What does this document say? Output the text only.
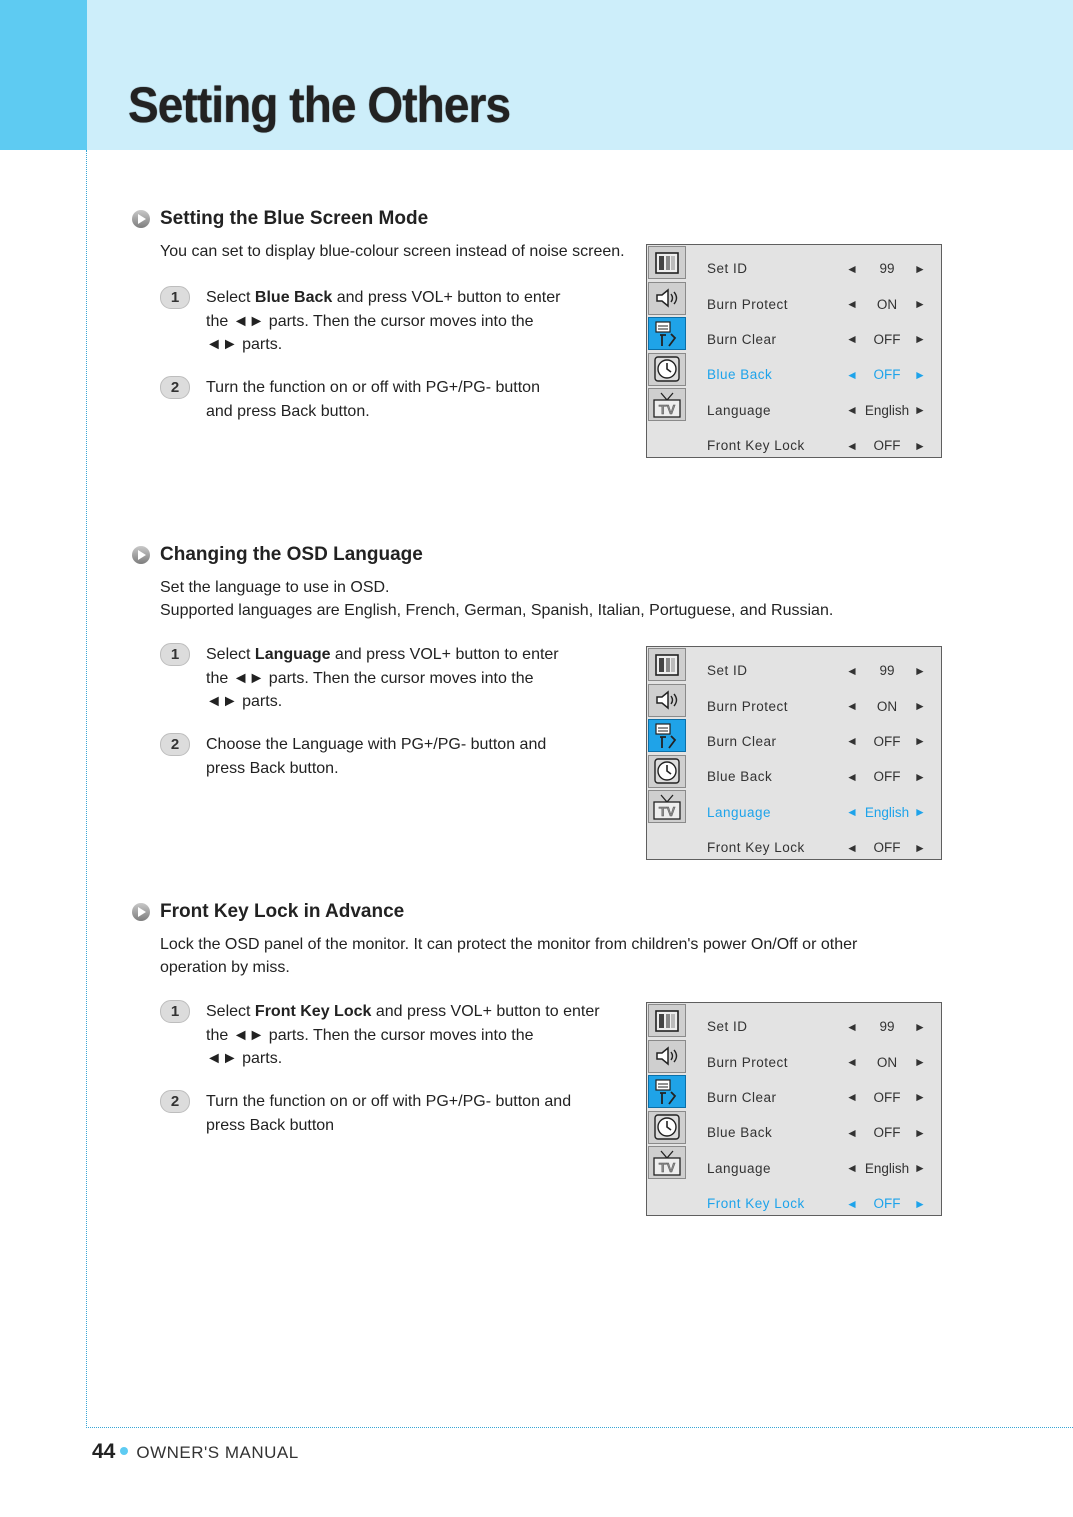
Setting the Others
Setting the Blue Screen Mode
You can set to display blue-colour screen instead of noise screen.
1	Select Blue Back and press VOL+ button to enter
the ◄► parts. Then the cursor moves into the
◄► parts.
2	Turn the function on or off with PG+/PG- button
and press Back button.	TV
Set ID	◄	99	►
Burn Protect	◄	ON	►
Burn Clear	◄	OFF	►
Blue Back	◄	OFF	►
Language	◄ English ►
Front Key Lock	◄	OFF	►
Changing the OSD Language
Set the language to use in OSD.
Supported languages are English, French, German, Spanish, Italian, Portuguese, and Russian.
1	Select Language and press VOL+ button to enter
the ◄► parts. Then the cursor moves into the
◄► parts.
2	Choose the Language with PG+/PG- button and
press Back button.
TV
Set ID	◄	99	►
Burn Protect	◄	ON	►
Burn Clear	◄	OFF	►
Blue Back	◄	OFF	►
Language	◄ English ►
Front Key Lock	◄	OFF	►
Front Key Lock in Advance
Lock the OSD panel of the monitor. It can protect the monitor from children's power On/Off or other
operation by miss.
1	Select Front Key Lock and press VOL+ button to enter
the ◄► parts. Then the cursor moves into the
◄► parts.
2	Turn the function on or off with PG+/PG- button and
press Back button
TV
Set ID	◄	99	►
Burn Protect	◄	ON	►
Burn Clear	◄	OFF	►
Blue Back	◄	OFF	►
Language	◄ English ►
Front Key Lock	◄	OFF	►
44 OWNER'S MANUAL
